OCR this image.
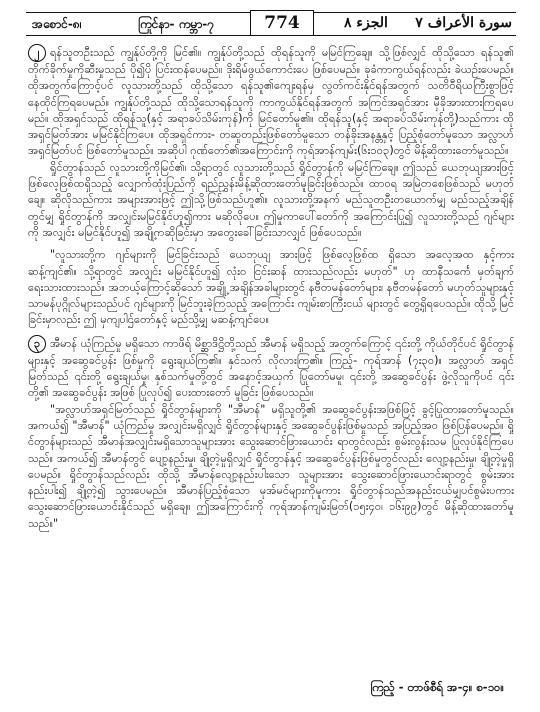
အစောင်-၈၊	ကြုင်နာ- ကမ္ဘာ-၇	774	الجزء ٨ سورة الأعراف ٧

၂ ရန်သူတဦးသည် ကျွန်ုပ်တို့ကို မြင်၏။ ကျွန်ုပ်တို့သည် ထိုရန်သူကို မမြင်ကြချေ။ သို့ဖြစ်လျှင် ထိုသို့သော ရန်သူ၏ တိုက်ခိုက်မှုကိုဆီးမှုသည် ပို၍ပို ပြင်းထန်ပေမည်။ ဒိုးရိမ်ဖွယ်ကောင်းပေ ဖြစ်ပေမည်။ ခုခံကာကွယ်ရန်လည်း ခဲယဉ်းပေမည်။ ထိုအတွက်ကြောင့်ပင် လူသားတို့သည် ထိုသို့သော ရန်သူ၏ကျေးရန်မှ လွတ်ကင်းနိုင်ရန်အတွက် သတိဝီရိယကြီးစွာဖြင့် နေထိုင်ကြရပေမည်။ ကျွန်ုပ်တို့သည် ထိုသို့သောရန်သူကို ကာကွယ်နိုင်ရန်အတွက် အကြင်အရှင်အား မှီခိုအားထားကြရပေမည်။ ထိုအရှင်သည် ထိုရန်သူ(နှင့် အရာခပ်သိမ်းကုန်)ကို မြင်တော်မူ၏။ ထိုရန်သူ(နှင့် အရာခပ်သိမ်းကုန်တို့)သည်ကား ထိုအရှင်မြတ်အား မမြင်နိုင်ကြပေ။ ထိုအရှင်ကား- တဆူတည်းဖြစ်တော်မူသော တန်ခိုးအနန္တနှင့် ပြည့်စုံတော်မူသော အလ္လာဟ် အရှင်မြတ်ပင် ဖြစ်တော်မူသည်။ အဆိုပါ ဂုဏ်တော်၏အကြောင်းကို ကုရ်အာန်ကျမ်း(၆း၁၀၃)တွင် မိန့်ဆိုထားတော်မူသည်။

ရှိုင်တွာန်သည် လူသားတို့ကိုမြင်၏၊ သို့ရာတွင် လူသားတို့သည် ရှိုင်တွာန်ကို မမြင်ကြချေ။ ဤသည် ယေဘုယျအားဖြင့် ဖြစ်လေ့ဖြစ်ထရှိသည့် လျှောက်ထုံးပြည်ကို ရည်ညွှန်းမိန့်ဆိုထားတော်မူခြင်းဖြစ်သည်။ ထာဝရ အမြဲတစေဖြစ်သည် မဟုတ်ချေ။ ဆိုလိုသည်ကား အများအားဖြင့် ဤသို့ဖြစ်သည်ဟူ၏။ လူသားတို့အနက် မည်သူတဦးတယောက်မျှ မည်သည့်အချိန်တွင်မျှ ရှိုင်တွာန်ကို အလျှင်းမမြင်နိုင်ဟူ၍ကား မဆိုလိုပေ။ ဤမှုကာပေါ်တော်ကို အကြောင်းပြု၍ လူသားတို့သည် ဂျင်များကို အလျှင်း မမြင်နိုင်ဟူ၍ အချို့ကဆိုခြင်းမှာ အတွေးခေါ်ခြင်းသာလျှင် ဖြစ်ပေသည်။

"လူသားတို့က ဂျင်များကို မြင်ခြင်းသည် ယေဘုယျ အားဖြင့် ဖြစ်လေ့ဖြစ်ထ ရှိသော အလေ့အထ နှင့်ကား ဆန့်ကျင်၏။ သို့ရာတွင် အလျှင်း မမြင်နိုင်ဟူ၍ လုံးဝ ငြင်းဆန် ထားသည်လည်း မဟုတ်" ဟု ထာနီသင်္ကေ မှတ်ချက် ရေးသားထားသည်။ အဘယ့်ကြောင့်ဆိုသော် အချို့ အချိန်အခါများတွင် နဗီတမန်တော်များ၊ နဗီတမန်တော် မဟုတ်သူများနှင့် သာမန်ပုဂ္ဂိုလ်များသည်ပင် ဂျင်များကို မြင်ဘူးခဲ့ကြသည့် အကြောင်း ကျမ်းစာကြီးငယ် များတွင် တွေ့ရှိရပေသည်။ ထိုသို့ မြင်ခြင်းမှာလည်း ဤ မှကျပါဌ်တော်နှင့် မည်သို့မျှ မဆန့်ကျင်ပေ။

၃ အီမာန် ယုံကြည်မှု မရှိသော ကာဖိရ် မိစ္ဆာဒိဋ္ဌိတို့သည် အီမာန် မရှိသည့် အတွက်ကြောင့် ၎င်းတို့ ကိုယ်တိုင်ပင် ရှိုင်တွာန်များနှင့် အဆွေခင်ပွန်း ဖြစ်မှုကို ရွေးချယ်ကြ၏။ နှင်သက် လိုလားကြ၏။ ကြည့်- ကုရ်အာန် (၇း၃၀)။ အလ္လာဟ် အရှင်မြတ်သည် ၎င်းတို့ ရွေးချယ်မှု၊ နှစ်သက်မှုတို့တွင် အနောင့်အယှက် ပြုတော်မမူ၊ ၎င်းတို့ အဆွေခင်ပွန်း ဖွဲ့လိုသူကိုပင် ၎င်းတို့၏ အဆွေခင်ပွန်း အဖြစ် ပြုလုပ်၍ ပေးထားတော် မူခြင်း ဖြစ်ပေသည်။

"အလ္လာဟ်အရှင်မြတ်သည် ရှိုင်တွာန်များကို "အီမာန်" မရှိသူတို့၏ အဆွေခင်ပွန်းအဖြစ်ဖြင့် ခွင့်ပြုထားတော်မူသည်။ အကယ်၍ "အီမာန်" ယုံကြည်မှု အလျှင်းမရှိလျှင် ရှိုင်တွာန်များနှင့် အဆွေခင်ပွန်းဖြစ်မှုသည် အပြည့်အဝ ဖြစ်ပြန်ပေမည်။ ရှိုင်တွာန်များသည် အီမာန်အလျှင်းမရှိသောသူများအား သွေးဆောင်ဖြားယောင်း ရာတွင်လည်း စွမ်းလွန်းသမ ပြုလုပ်နိုင်ကြပေသည်။ အကယ်၍ အီမာန်တွင် ပျော့နည်းမှု၊ ချို့တဲ့မှုရှိလျှင် ရှိုင်တွာန်နှင့် အဆွေခင်ပွန်းဖြစ်မှုတွင်လည်း လျော့နည်းမှု၊ ချို့တဲ့မှုရှိပေမည်။ ရှိုင်တွာန်သည်လည်း ထိုသို့ အီမာန်လျော့နည်းပါးသော သူများအား သွေးဆောင်ဖြားယောင်းရာတွင် စွမ်းအားနည်းပါး၍ ချို့တဲ့၍ သွားပေမည်။ အီမာန်ပြည့်စုံသော မုအ်မင်များကိုမူကား ရှိုင်တွာန်သည်အနည်းငယ်မျှပင်စွမ်းပကား သွေးဆောင်ဖြားယောင်းနိုင်သည် မရှိချေ။ ဤအကြောင်းကို ကုရ်အာန်ကျမ်းမြတ်(၁၅း၄၀၊ ၁၆း၉၉)တွင် မိန့်ဆိုထားတော်မူသည်။"

ကြည့် - တာဖ်စီရ် အ-၄။ စ-၁၀။
